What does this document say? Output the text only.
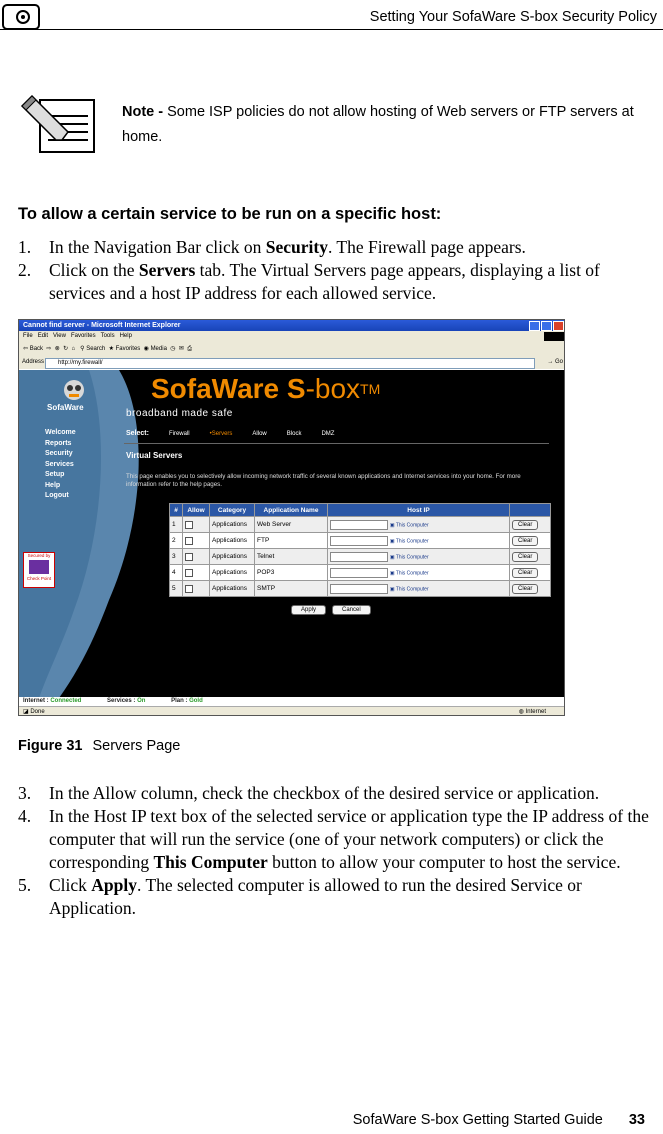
Setting Your SofaWare S-box Security Policy
Note - Some ISP policies do not allow hosting of Web servers or FTP servers at home.
To allow a certain service to be run on a specific host:
1.	In the Navigation Bar click on Security. The Firewall page appears.
2.	Click on the Servers tab. The Virtual Servers page appears, displaying a list of services and a host IP address for each allowed service.
Cannot find server - Microsoft Internet Explorer
File Edit View Favorites Tools Help
⇦ Back ⇨ ⊗ ↻ ⌂ ⚲ Search ★ Favorites ◉ Media ◷ ✉ ⎙
Address	→ Go
http://my.firewall/
SofaWare
Welcome
Reports
Security
Services
Setup
Help
Logout
Secured by
Check Point
SofaWare S-box™
broadband made safe
Select:	Firewall	•Servers	Allow	Block	DMZ
Virtual Servers
This page enables you to selectively allow incoming network traffic of several known applications and Internet services into your home. For more information refer to the help pages.
#	Allow	Category	Application Name	Host IP	
1		Applications	Web Server	▣ This Computer	Clear
2		Applications	FTP	▣ This Computer	Clear
3		Applications	Telnet	▣ This Computer	Clear
4		Applications	POP3	▣ This Computer	Clear
5		Applications	SMTP	▣ This Computer	Clear
Apply	Cancel
Internet : Connected	Services : On	Plan : Gold
◪ Done	◍ Internet
Figure 31 Servers Page
3.	In the Allow column, check the checkbox of the desired service or application.
4.	In the Host IP text box of the selected service or application type the IP address of the computer that will run the service (one of your network computers) or click the corresponding This Computer button to allow your computer to host the service.
5.	Click Apply. The selected computer is allowed to run the desired Service or Application.
SofaWare S-box Getting Started Guide 33
